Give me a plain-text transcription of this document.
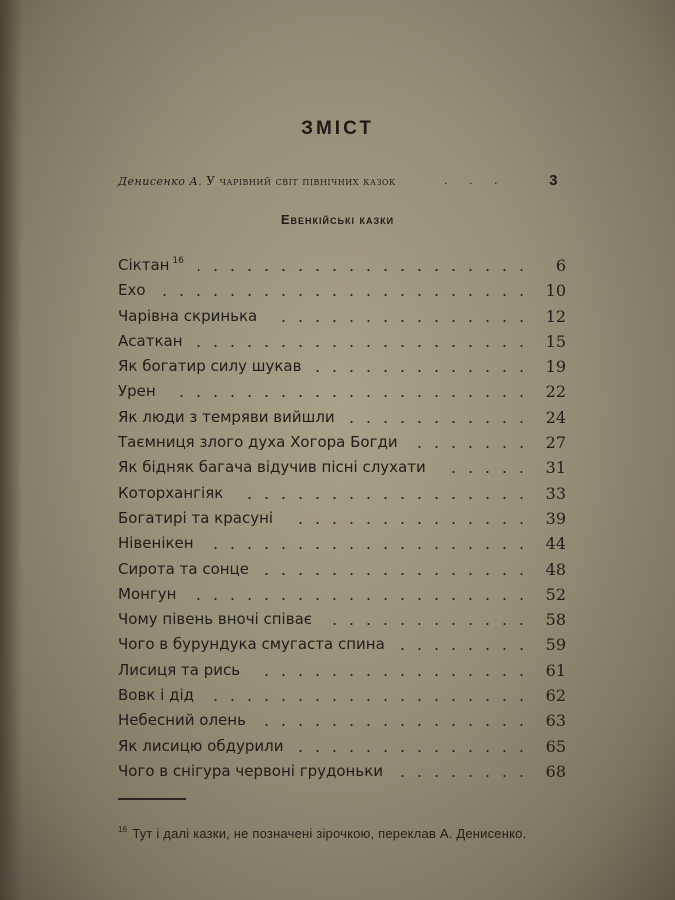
ЗМІСТ
Денисенко А. У чарівний світ північних казок	. . .	3
Евенкійські казки
Сіктан $^{16}$	6
Ехо	10
Чарівна скринька	12
Асаткан	15
Як богатир силу шукав	19
Урен	22
Як люди з темряви вийшли	24
Таємниця злого духа Хогора Богди	27
Як бідняк багача відучив пісні слухати	31
Которхангіяк	33
Богатирі та красуні	39
Нівенікен	44
Сирота та сонце	48
Монгун	52
Чому півень вночі співає	58
Чого в бурундука смугаста спина	59
Лисиця та рись	61
Вовк і дід	62
Небесний олень	63
Як лисицю обдурили	65
Чого в снігура червоні грудоньки	68
$^{16}$ Тут і далі казки, не позначені зірочкою, переклав А. Денисенко.
